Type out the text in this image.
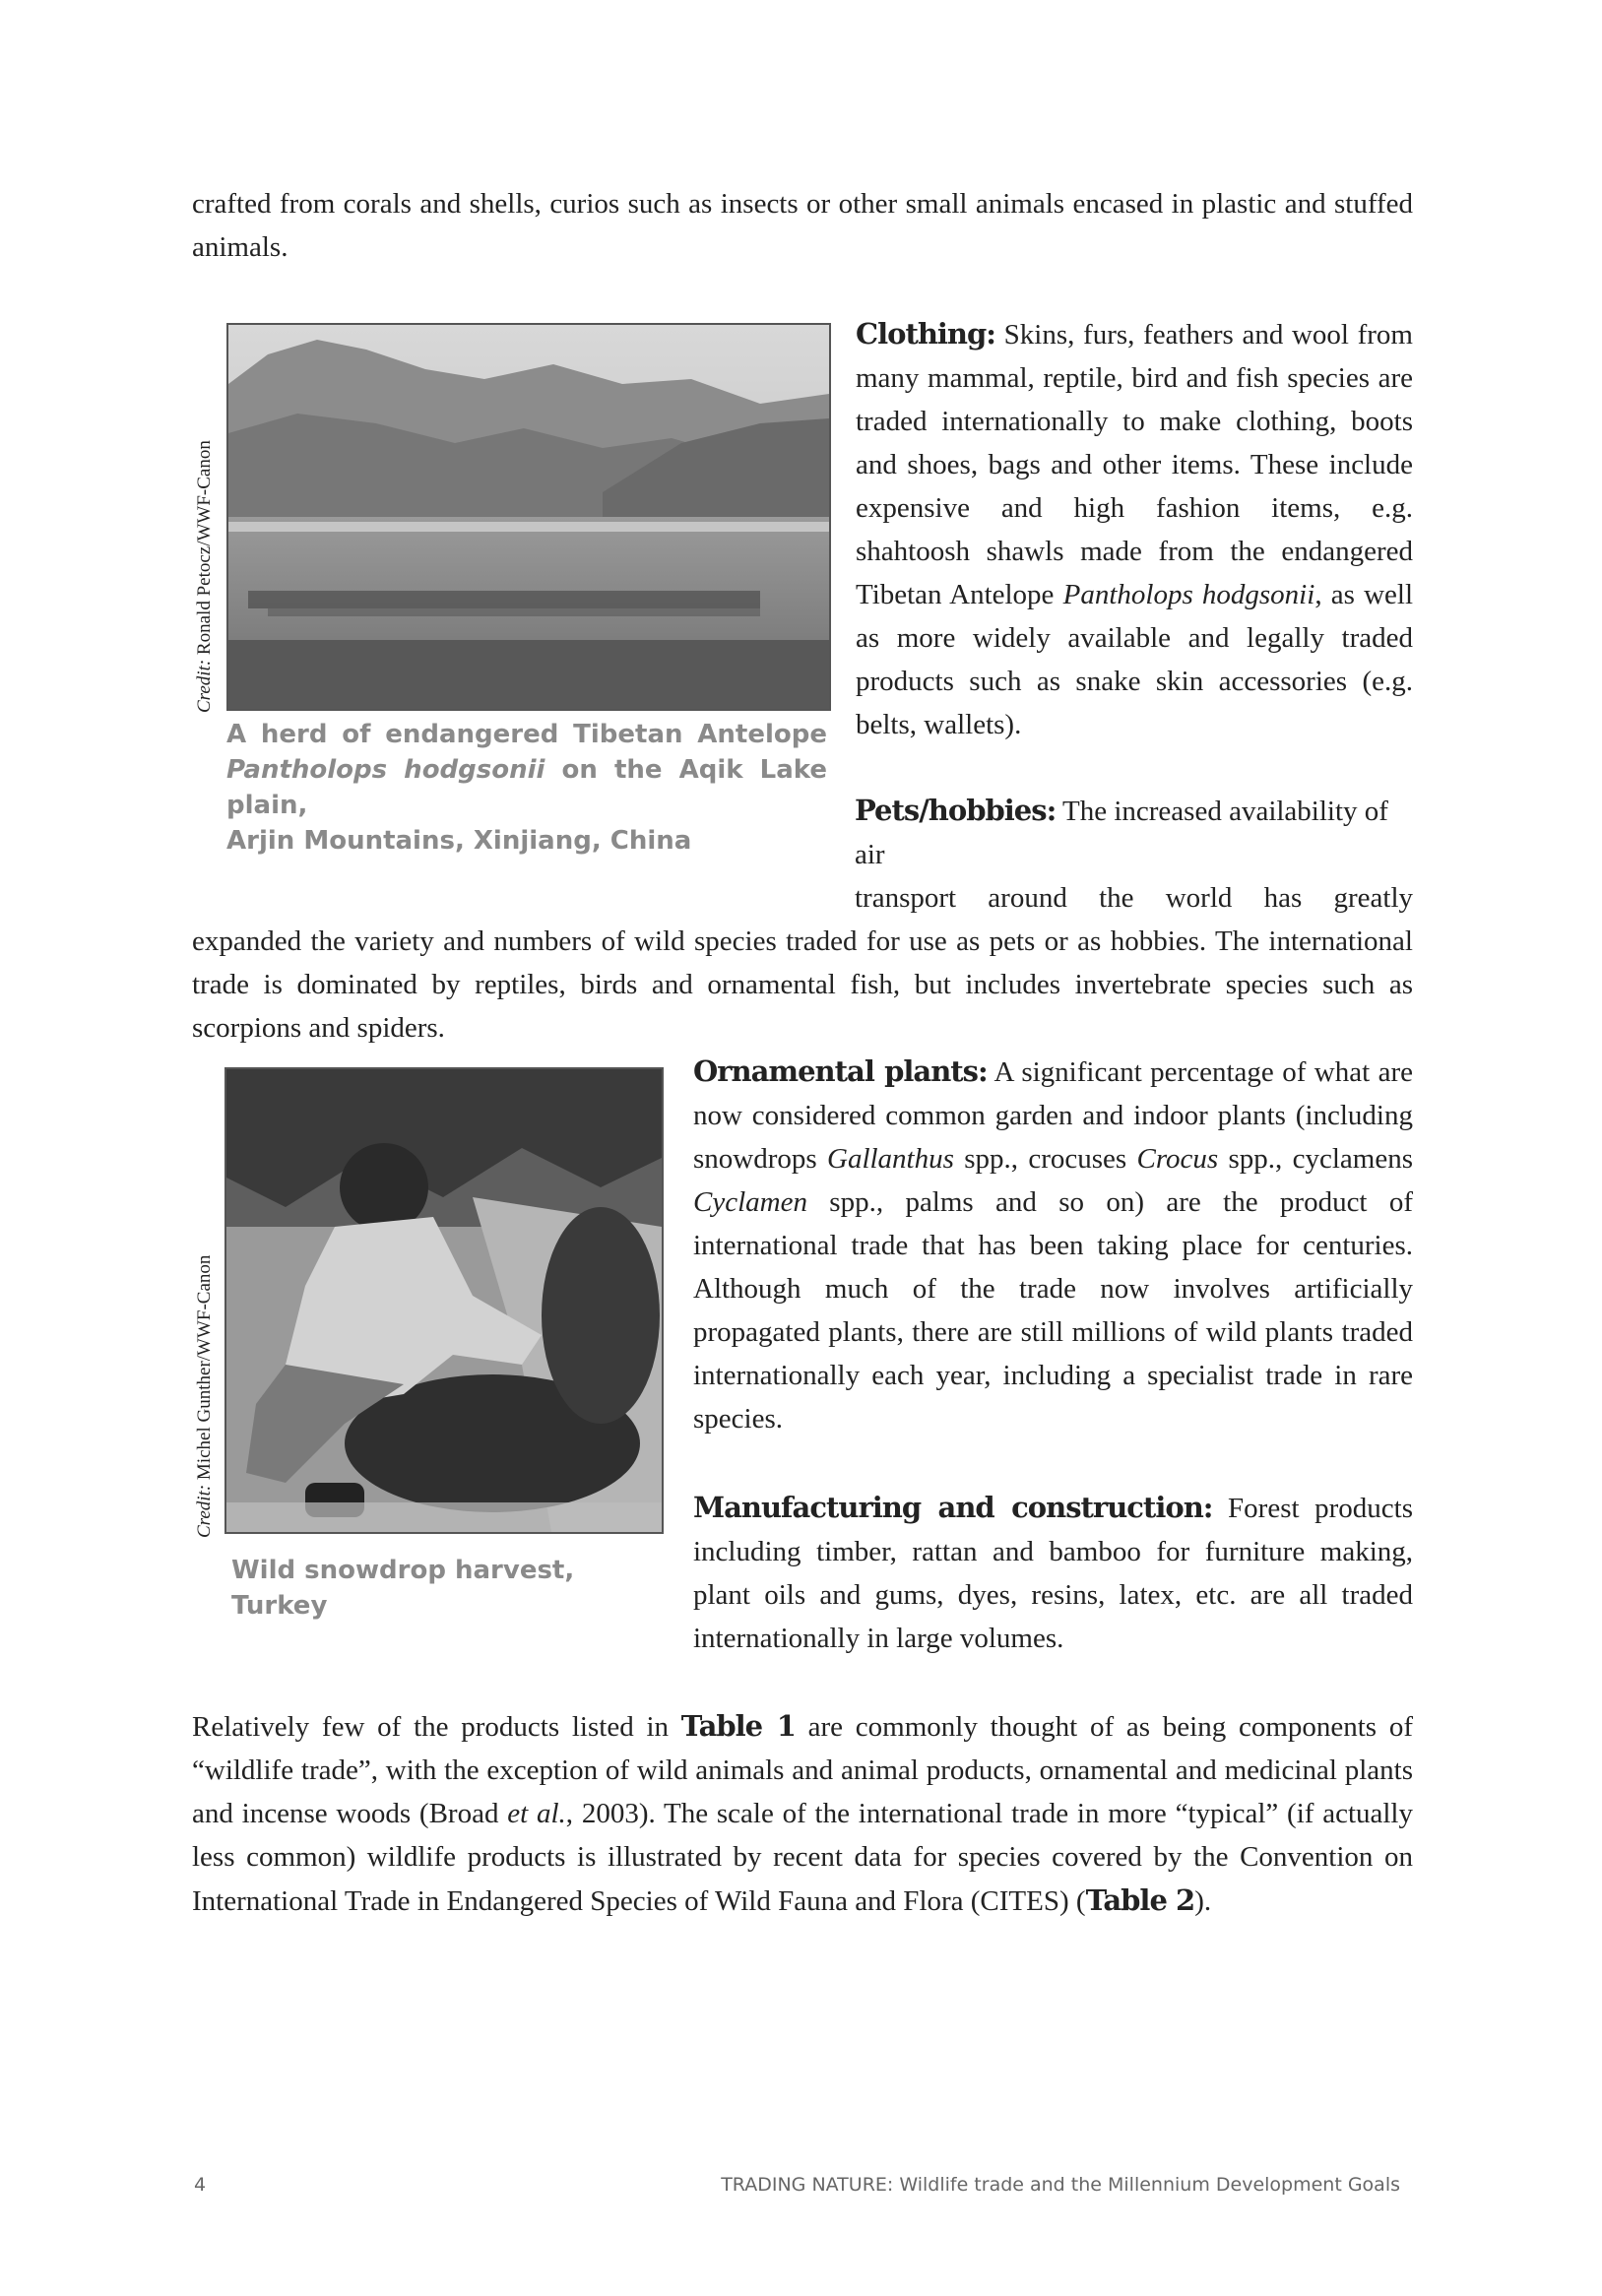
crafted from corals and shells, curios such as insects or other small animals encased in plastic and stuffed animals.

Credit: Ronald Petocz/WWF-Canon
A herd of endangered Tibetan Antelope
Pantholops hodgsonii on the Aqik Lake plain,
Arjin Mountains, Xinjiang, China

Clothing: Skins, furs, feathers and wool from many mammal, reptile, bird and fish species are traded internationally to make clothing, boots and shoes, bags and other items. These include expensive and high fashion items, e.g. shahtoosh shawls made from the endangered Tibetan Antelope Pantholops hodgsonii, as well as more widely available and legally traded products such as snake skin accessories (e.g. belts, wallets).

Pets/hobbies: The increased availability of air
transport around the world has greatly
expanded the variety and numbers of wild species traded for use as pets or as hobbies. The international trade is dominated by reptiles, birds and ornamental fish, but includes invertebrate species such as scorpions and spiders.
Credit: Michel Gunther/WWF-Canon
Wild snowdrop harvest, Turkey

Ornamental plants: A significant percentage of what are now considered common garden and indoor plants (including snowdrops Gallanthus spp., crocuses Crocus spp., cyclamens Cyclamen spp., palms and so on) are the product of international trade that has been taking place for centuries. Although much of the trade now involves artificially propagated plants, there are still millions of wild plants traded internationally each year, including a specialist trade in rare species.

Manufacturing and construction: Forest products including timber, rattan and bamboo for furniture making, plant oils and gums, dyes, resins, latex, etc. are all traded internationally in large volumes.

Relatively few of the products listed in Table 1 are commonly thought of as being components of “wildlife trade”, with the exception of wild animals and animal products, ornamental and medicinal plants and incense woods (Broad et al., 2003). The scale of the international trade in more “typical” (if actually less common) wildlife products is illustrated by recent data for species covered by the Convention on International Trade in Endangered Species of Wild Fauna and Flora (CITES) (Table 2).

4	TRADING NATURE: Wildlife trade and the Millennium Development Goals
